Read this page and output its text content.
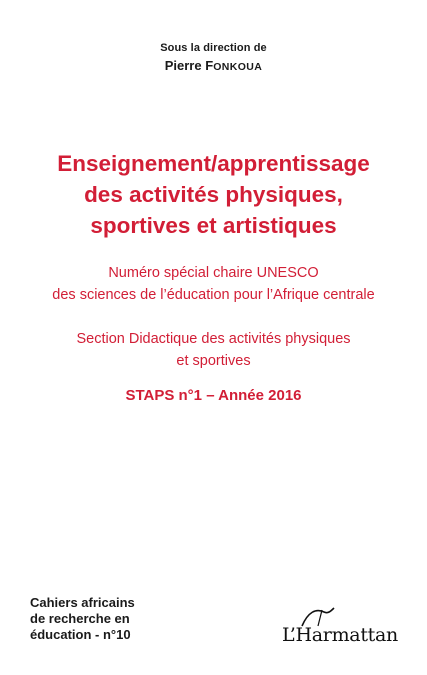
Sous la direction de
Pierre FONKOUA
Enseignement/apprentissage
des activités physiques,
sportives et artistiques
Numéro spécial chaire UNESCO
des sciences de l’éducation pour l’Afrique centrale
Section Didactique des activités physiques
et sportives
STAPS n°1 – Année 2016
Cahiers africains
de recherche en
éducation - n°10	L’Harmattan
